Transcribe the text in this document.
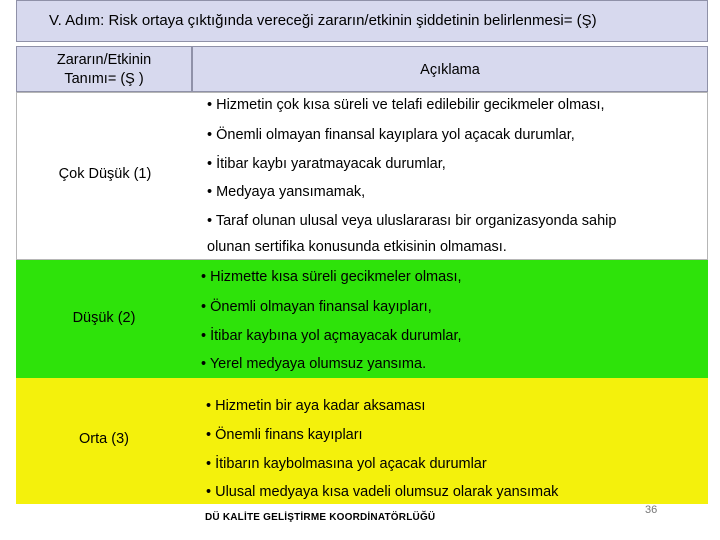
V. Adım: Risk ortaya çıktığında vereceği zararın/etkinin şiddetinin belirlenmesi= (Ş)
Zararın/Etkinin
Tanımı= (Ş )
Açıklama
Çok Düşük (1)
• Hizmetin çok kısa süreli ve telafi edilebilir gecikmeler olması,
• Önemli olmayan finansal kayıplara yol açacak durumlar,
• İtibar kaybı yaratmayacak durumlar,
• Medyaya yansımamak,
• Taraf olunan ulusal veya uluslararası bir organizasyonda sahip
olunan sertifika konusunda etkisinin olmaması.
Düşük (2)
• Hizmette kısa süreli gecikmeler olması,
• Önemli olmayan finansal kayıpları,
• İtibar kaybına yol açmayacak durumlar,
• Yerel medyaya olumsuz yansıma.
Orta (3)
• Hizmetin bir aya kadar aksaması
• Önemli finans kayıpları
• İtibarın kaybolmasına yol açacak durumlar
• Ulusal medyaya kısa vadeli olumsuz olarak yansımak
DÜ KALİTE GELİŞTİRME KOORDİNATÖRLÜĞÜ
36
